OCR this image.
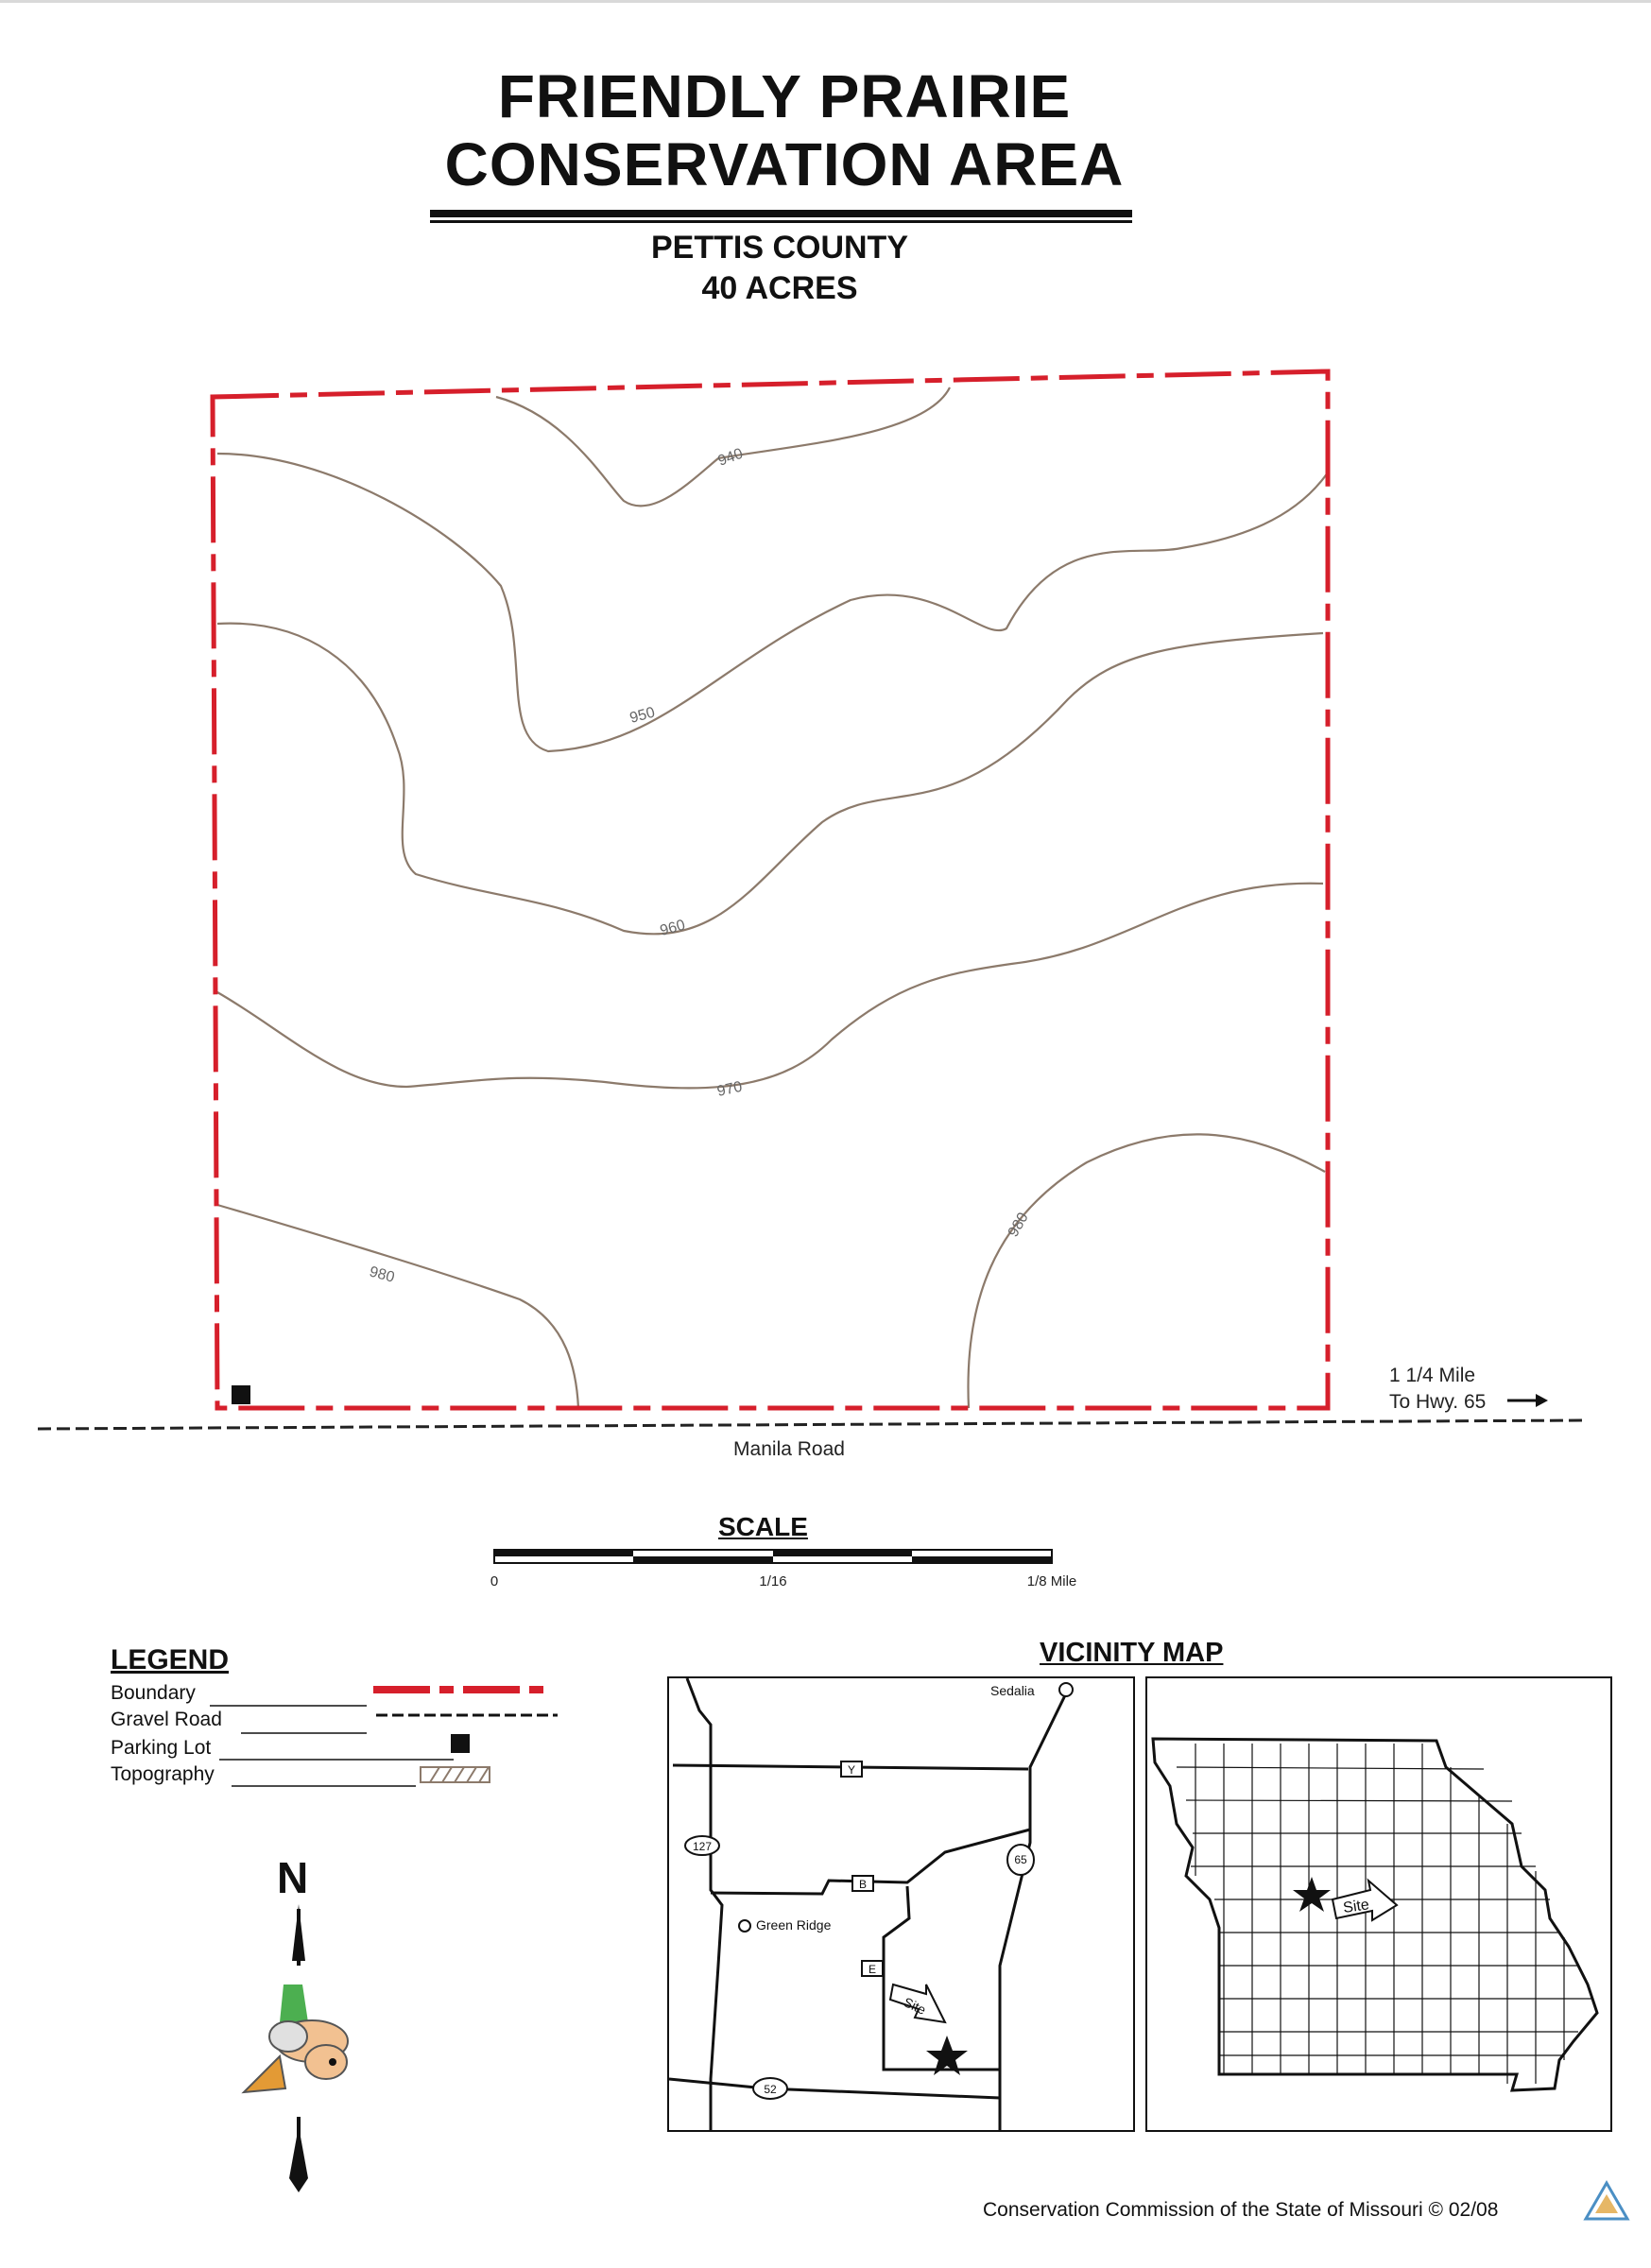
FRIENDLY PRAIRIE
CONSERVATION AREA
PETTIS COUNTY
40 ACRES
940
950
960
970
980
980
Manila Road
1 1/4 Mile
To Hwy. 65
0	1/16	1/8 Mile
127
Y
B
E
65
52
Sedalia
Green Ridge
Site
Site
SCALE
LEGEND
Boundary
Gravel Road
Parking Lot
Topography
VICINITY MAP
N
Conservation Commission of the State of Missouri © 02/08
